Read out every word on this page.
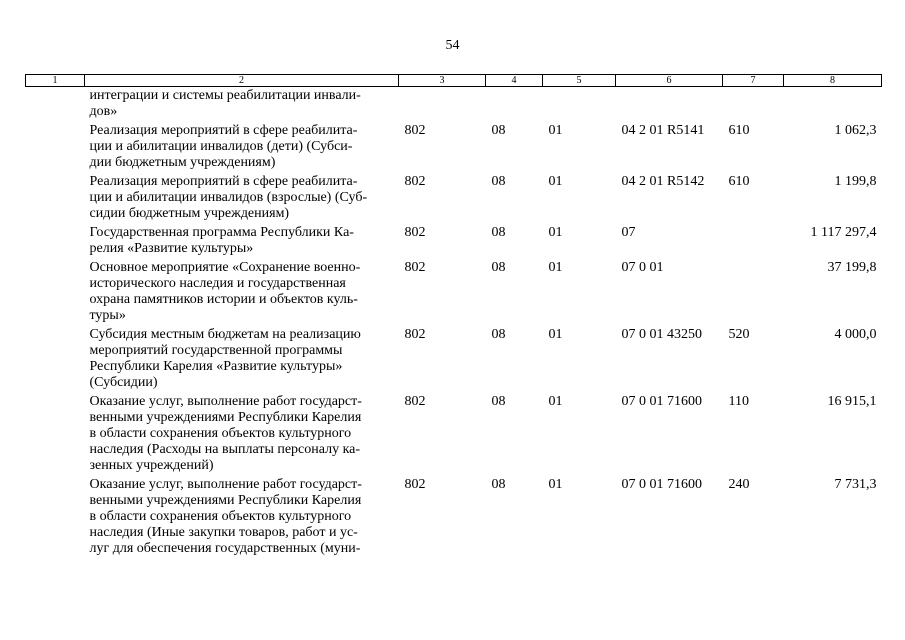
54
1	2	3	4	5	6	7	8

	интеграции и системы реабилитации инвали-
дов»						

	Реализация мероприятий в сфере реабилита-
ции и абилитации инвалидов (дети) (Субси-
дии бюджетным учреждениям)	802	08	01	04 2 01 R5141	610	1 062,3

	Реализация мероприятий в сфере реабилита-
ции и абилитации инвалидов (взрослые) (Суб-
сидии бюджетным учреждениям)	802	08	01	04 2 01 R5142	610	1 199,8

	Государственная программа Республики Ка-
релия «Развитие культуры»	802	08	01	07		1 117 297,4

	Основное мероприятие «Сохранение военно-
исторического наследия и государственная
охрана памятников истории и объектов куль-
туры»	802	08	01	07 0 01		37 199,8

	Субсидия местным бюджетам на реализацию
мероприятий государственной программы
Республики Карелия «Развитие культуры»
(Субсидии)	802	08	01	07 0 01 43250	520	4 000,0

	Оказание услуг, выполнение работ государст-
венными учреждениями Республики Карелия
в области сохранения объектов культурного
наследия (Расходы на выплаты персоналу ка-
зенных учреждений)	802	08	01	07 0 01 71600	110	16 915,1

	Оказание услуг, выполнение работ государст-
венными учреждениями Республики Карелия
в области сохранения объектов культурного
наследия (Иные закупки товаров, работ и ус-
луг для обеспечения государственных (муни-	802	08	01	07 0 01 71600	240	7 731,3
